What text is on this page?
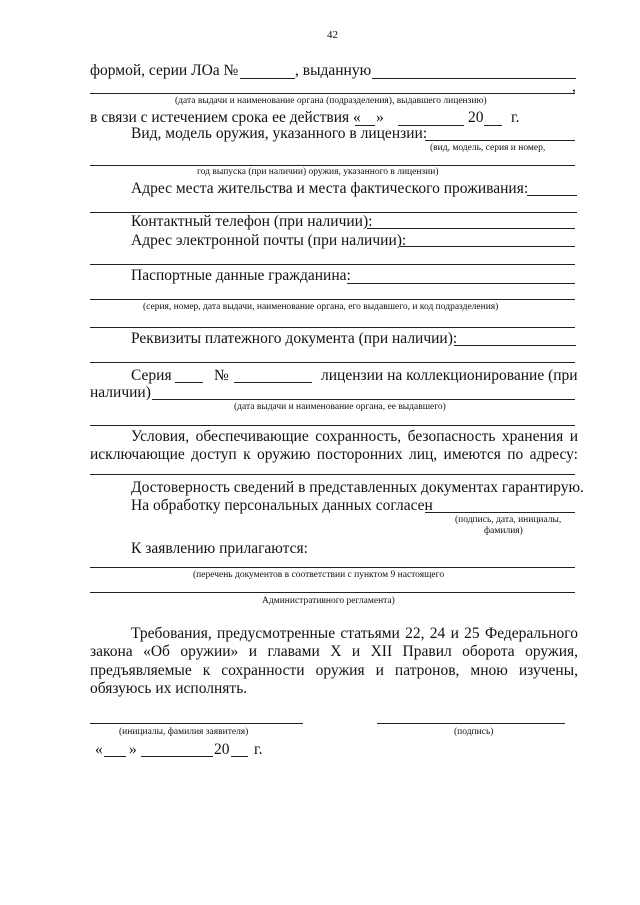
42
формой, серии ЛОа №	, выданную
,
(дата выдачи и наименование органа (подразделения), выдавшего лицензию)
в связи с истечением срока ее действия « »	20 г.
Вид, модель оружия, указанного в лицензии:
(вид, модель, серия и номер,
год выпуска (при наличии) оружия, указанного в лицензии)
Адрес места жительства и места фактического проживания:
Контактный телефон (при наличии):
Адрес электронной почты (при наличии):
Паспортные данные гражданина:
(серия, номер, дата выдачи, наименование органа, его выдавшего, и код подразделения)
Реквизиты платежного документа (при наличии):
Серия	№	лицензии на коллекционирование (при
наличии)
(дата выдачи и наименование органа, ее выдавшего)
Условия, обеспечивающие сохранность, безопасность хранения и
исключающие доступ к оружию посторонних лиц, имеются по адресу:
Достоверность сведений в представленных документах гарантирую.
На обработку персональных данных согласен
(подпись, дата, инициалы,
фамилия)
К заявлению прилагаются:
(перечень документов в соответствии с пунктом 9 настоящего
Административного регламента)
Требования, предусмотренные статьями 22, 24 и 25 Федерального
закона «Об оружии» и главами X и XII Правил оборота оружия,
предъявляемые к сохранности оружия и патронов, мною изучены,
обязуюсь их исполнять.
(инициалы, фамилия заявителя)	(подпись)
« »	20 г.
